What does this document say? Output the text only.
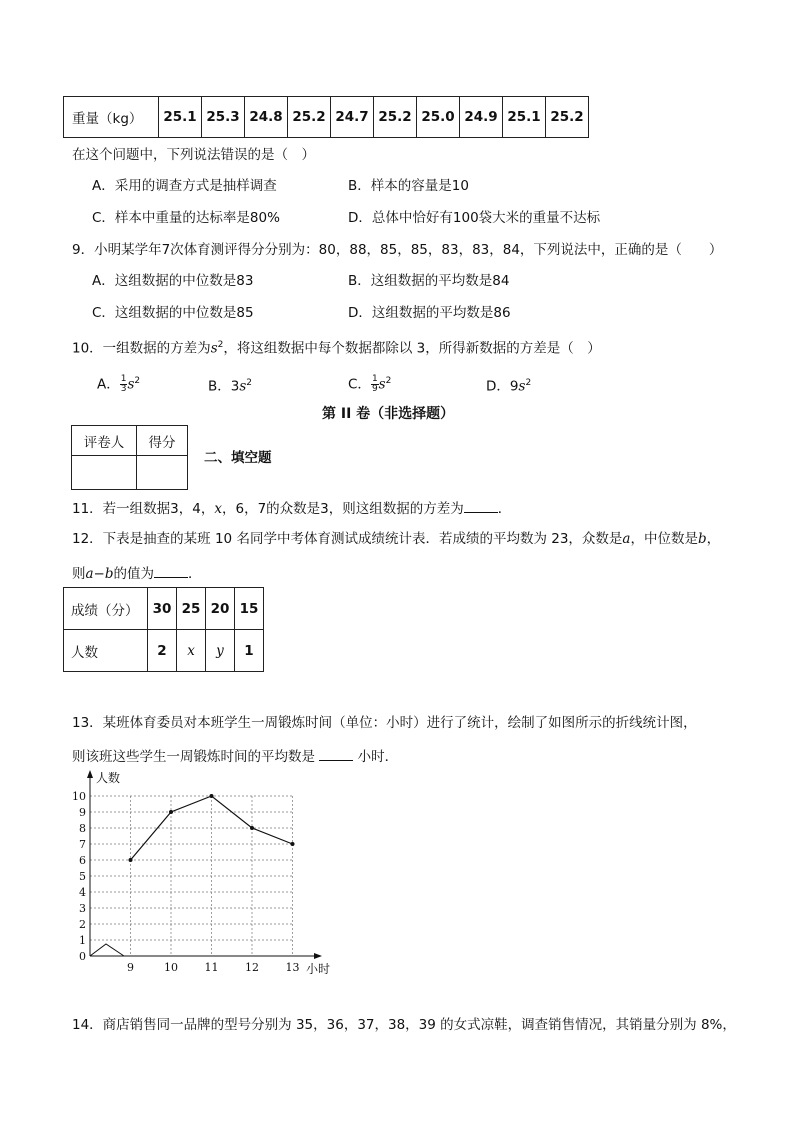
重量（kg）	25.1	25.3	24.8	25.2	24.7	25.2	25.0	24.9	25.1	25.2
在这个问题中，下列说法错误的是（　）
A．采用的调查方式是抽样调查	B．样本的容量是10
C．样本中重量的达标率是80%	D．总体中恰好有100袋大米的重量不达标
9．小明某学年7次体育测评得分分别为：80，88，85，85，83，83，84，下列说法中，正确的是（　　）
A．这组数据的中位数是83	B．这组数据的平均数是84
C．这组数据的中位数是85	D．这组数据的平均数是86
10．一组数据的方差为$s^2$，将这组数据中每个数据都除以 3，所得新数据的方差是（　）
A． $\frac{1}{3} s^2$	B．$3s^2$	C． $\frac{1}{9} s^2$	D．$9s^2$
第 II 卷（非选择题）
评卷人	得分

二、填空题
11．若一组数据3，4，x，6，7的众数是3，则这组数据的方差为	．
12．下表是抽查的某班 10 名同学中考体育测试成绩统计表．若成绩的平均数为 23，众数是a，中位数是b，
则a−b的值为	．
成绩（分）	30	25	20	15
人数	2	x	y	1
13．某班体育委员对本班学生一周锻炼时间（单位：小时）进行了统计，绘制了如图所示的折线统计图，
则该班这些学生一周锻炼时间的平均数是	小时．
0
1
2
3
4
5
6
7
8
9
10
9	10 11 12 13
人数
小时
14．商店销售同一品牌的型号分别为 35，36，37，38，39 的女式凉鞋，调查销售情况，其销量分别为 8%，
